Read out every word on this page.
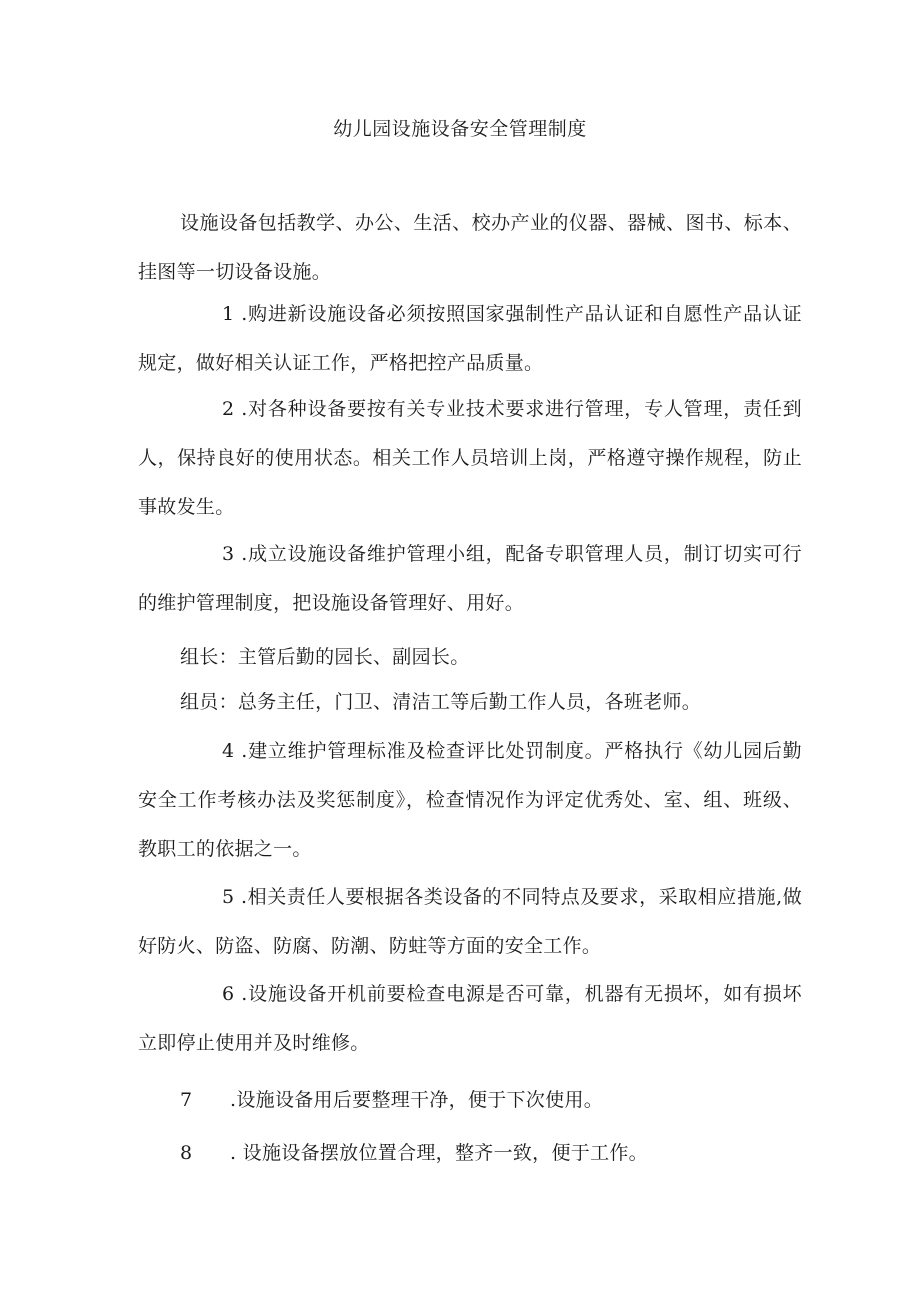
幼儿园设施设备安全管理制度
设施设备包括教学、办公、生活、校办产业的仪器、器械、图书、标本、挂图等一切设备设施。
1 .购进新设施设备必须按照国家强制性产品认证和自愿性产品认证规定，做好相关认证工作，严格把控产品质量。
2 .对各种设备要按有关专业技术要求进行管理，专人管理，责任到人，保持良好的使用状态。相关工作人员培训上岗，严格遵守操作规程，防止事故发生。
3 .成立设施设备维护管理小组，配备专职管理人员，制订切实可行的维护管理制度，把设施设备管理好、用好。
组长：主管后勤的园长、副园长。
组员：总务主任，门卫、清洁工等后勤工作人员，各班老师。
4 .建立维护管理标准及检查评比处罚制度。严格执行《幼儿园后勤安全工作考核办法及奖惩制度》，检查情况作为评定优秀处、室、组、班级、教职工的依据之一。
5 .相关责任人要根据各类设备的不同特点及要求，采取相应措施,做好防火、防盗、防腐、防潮、防蛀等方面的安全工作。
6 .设施设备开机前要检查电源是否可靠，机器有无损坏，如有损坏立即停止使用并及时维修。
7 .设施设备用后要整理干净，便于下次使用。
8 . 设施设备摆放位置合理，整齐一致，便于工作。
